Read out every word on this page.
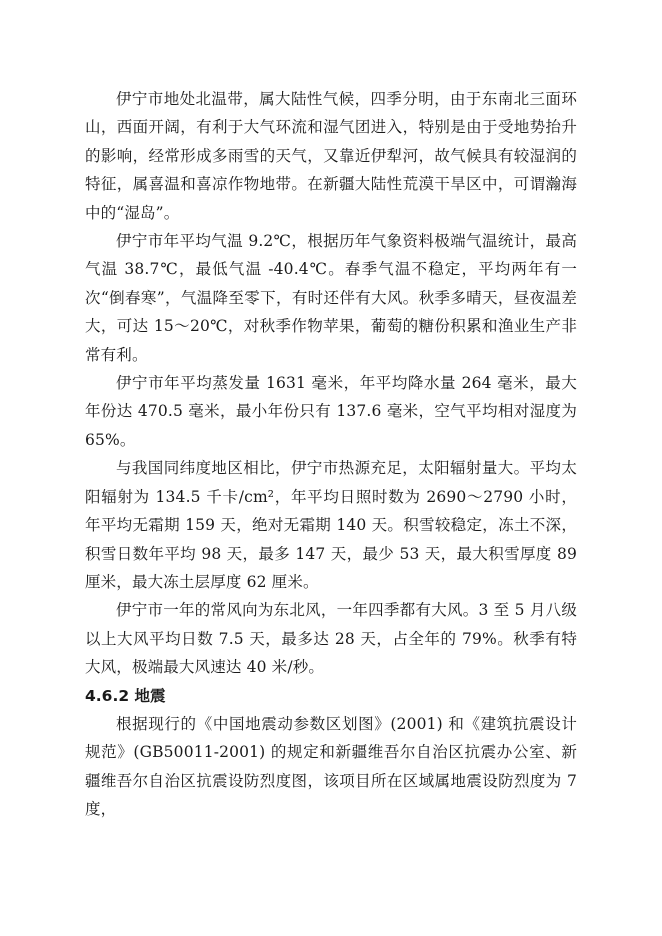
伊宁市地处北温带，属大陆性气候，四季分明，由于东南北三面环山，西面开阔，有利于大气环流和湿气团进入，特别是由于受地势抬升的影响，经常形成多雨雪的天气，又靠近伊犁河，故气候具有较湿润的特征，属喜温和喜凉作物地带。在新疆大陆性荒漠干旱区中，可谓瀚海中的“湿岛”。

伊宁市年平均气温 9.2℃，根据历年气象资料极端气温统计，最高气温 38.7℃，最低气温 -40.4℃。春季气温不稳定，平均两年有一次“倒春寒”，气温降至零下，有时还伴有大风。秋季多晴天，昼夜温差大，可达 15～20℃，对秋季作物苹果，葡萄的糖份积累和渔业生产非常有利。

伊宁市年平均蒸发量 1631 毫米，年平均降水量 264 毫米，最大年份达 470.5 毫米，最小年份只有 137.6 毫米，空气平均相对湿度为 65%。

与我国同纬度地区相比，伊宁市热源充足，太阳辐射量大。平均太阳辐射为 134.5 千卡/cm²，年平均日照时数为 2690～2790 小时，年平均无霜期 159 天，绝对无霜期 140 天。积雪较稳定，冻土不深，积雪日数年平均 98 天，最多 147 天，最少 53 天，最大积雪厚度 89 厘米，最大冻土层厚度 62 厘米。

伊宁市一年的常风向为东北风，一年四季都有大风。3 至 5 月八级以上大风平均日数 7.5 天，最多达 28 天，占全年的 79%。秋季有特大风，极端最大风速达 40 米/秒。

4.6.2 地震

根据现行的《中国地震动参数区划图》(2001) 和《建筑抗震设计规范》(GB50011-2001) 的规定和新疆维吾尔自治区抗震办公室、新疆维吾尔自治区抗震设防烈度图，该项目所在区域属地震设防烈度为 7 度，
